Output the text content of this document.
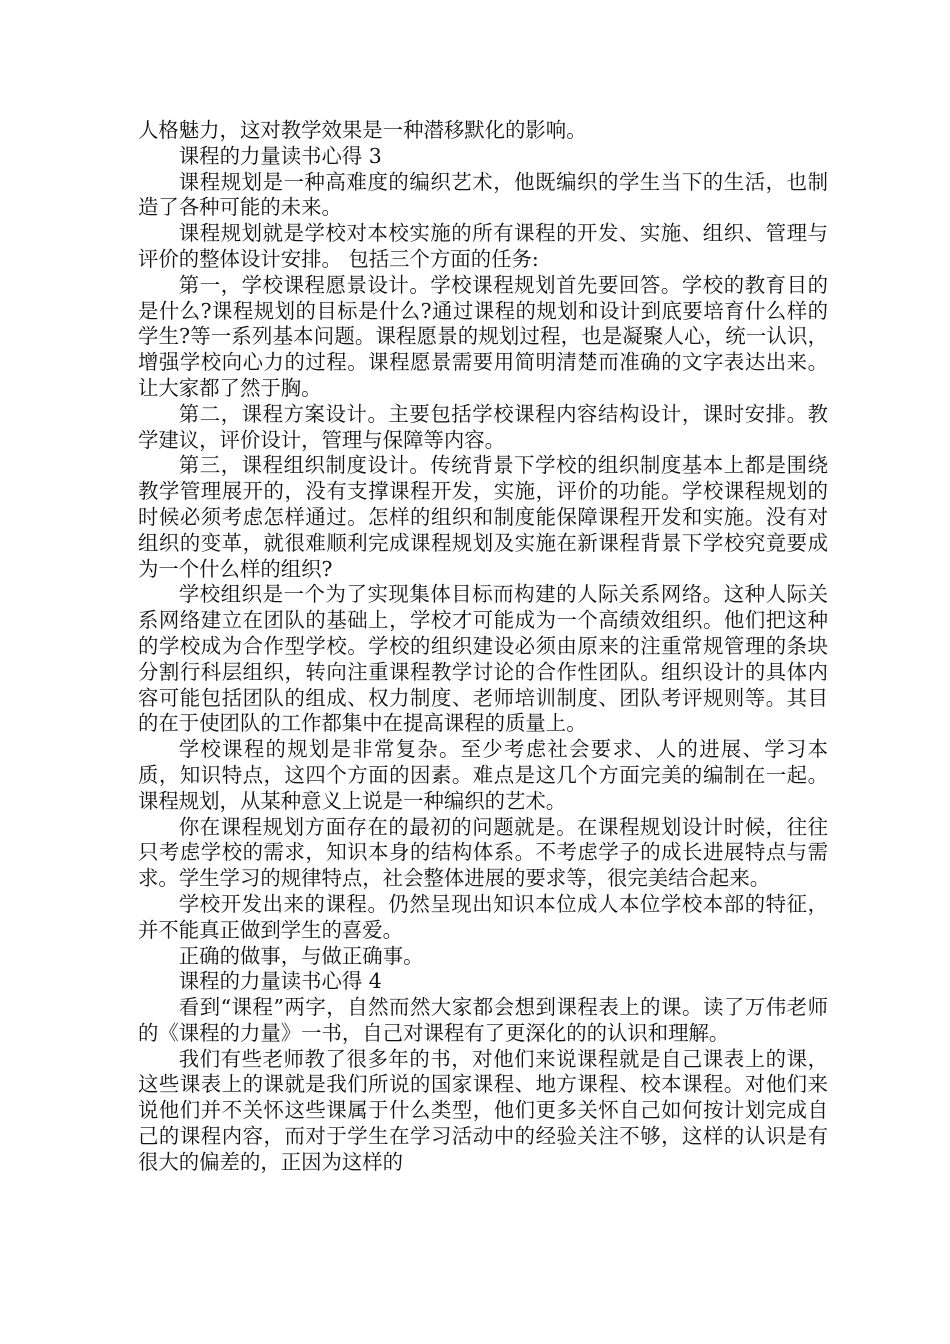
人格魅力，这对教学效果是一种潜移默化的影响。

课程的力量读书心得 3

课程规划是一种高难度的编织艺术，他既编织的学生当下的生活，也制造了各种可能的未来。

课程规划就是学校对本校实施的所有课程的开发、实施、组织、管理与评价的整体设计安排。 包括三个方面的任务:

第一，学校课程愿景设计。学校课程规划首先要回答。学校的教育目的是什么?课程规划的目标是什么?通过课程的规划和设计到底要培育什么样的学生?等一系列基本问题。课程愿景的规划过程，也是凝聚人心，统一认识，增强学校向心力的过程。课程愿景需要用简明清楚而准确的文字表达出来。让大家都了然于胸。

第二，课程方案设计。主要包括学校课程内容结构设计，课时安排。教学建议，评价设计，管理与保障等内容。

第三，课程组织制度设计。传统背景下学校的组织制度基本上都是围绕教学管理展开的，没有支撑课程开发，实施，评价的功能。学校课程规划的时候必须考虑怎样通过。怎样的组织和制度能保障课程开发和实施。没有对组织的变革，就很难顺利完成课程规划及实施在新课程背景下学校究竟要成为一个什么样的组织?

学校组织是一个为了实现集体目标而构建的人际关系网络。这种人际关系网络建立在团队的基础上，学校才可能成为一个高绩效组织。他们把这种的学校成为合作型学校。学校的组织建设必须由原来的注重常规管理的条块分割行科层组织，转向注重课程教学讨论的合作性团队。组织设计的具体内容可能包括团队的组成、权力制度、老师培训制度、团队考评规则等。其目的在于使团队的工作都集中在提高课程的质量上。

学校课程的规划是非常复杂。至少考虑社会要求、人的进展、学习本质，知识特点，这四个方面的因素。难点是这几个方面完美的编制在一起。课程规划，从某种意义上说是一种编织的艺术。

你在课程规划方面存在的最初的问题就是。在课程规划设计时候，往往只考虑学校的需求，知识本身的结构体系。不考虑学子的成长进展特点与需求。学生学习的规律特点，社会整体进展的要求等，很完美结合起来。

学校开发出来的课程。仍然呈现出知识本位成人本位学校本部的特征，并不能真正做到学生的喜爱。

正确的做事，与做正确事。

课程的力量读书心得 4

看到“课程”两字，自然而然大家都会想到课程表上的课。读了万伟老师的《课程的力量》一书，自己对课程有了更深化的的认识和理解。

我们有些老师教了很多年的书，对他们来说课程就是自己课表上的课，这些课表上的课就是我们所说的国家课程、地方课程、校本课程。对他们来说他们并不关怀这些课属于什么类型，他们更多关怀自己如何按计划完成自己的课程内容，而对于学生在学习活动中的经验关注不够，这样的认识是有很大的偏差的，正因为这样的
